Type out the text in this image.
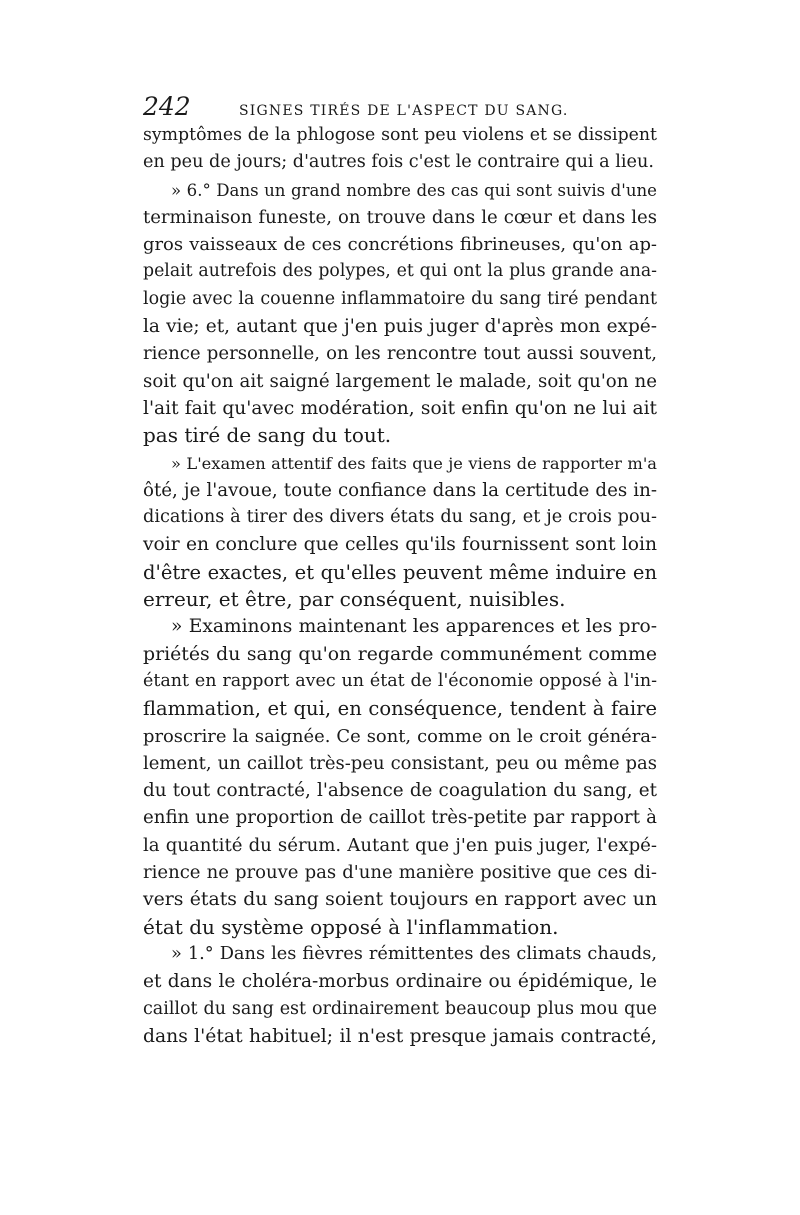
242	SIGNES TIRÉS DE L'ASPECT DU SANG.
symptômes de la phlogose sont peu violens et se dissipent
en peu de jours; d'autres fois c'est le contraire qui a lieu.
» 6.° Dans un grand nombre des cas qui sont suivis d'une
terminaison funeste, on trouve dans le cœur et dans les
gros vaisseaux de ces concrétions fibrineuses, qu'on ap-
pelait autrefois des polypes, et qui ont la plus grande ana-
logie avec la couenne inflammatoire du sang tiré pendant
la vie; et, autant que j'en puis juger d'après mon expé-
rience personnelle, on les rencontre tout aussi souvent,
soit qu'on ait saigné largement le malade, soit qu'on ne
l'ait fait qu'avec modération, soit enfin qu'on ne lui ait
pas tiré de sang du tout.
» L'examen attentif des faits que je viens de rapporter m'a
ôté, je l'avoue, toute confiance dans la certitude des in-
dications à tirer des divers états du sang, et je crois pou-
voir en conclure que celles qu'ils fournissent sont loin
d'être exactes, et qu'elles peuvent même induire en
erreur, et être, par conséquent, nuisibles.
» Examinons maintenant les apparences et les pro-
priétés du sang qu'on regarde communément comme
étant en rapport avec un état de l'économie opposé à l'in-
flammation, et qui, en conséquence, tendent à faire
proscrire la saignée. Ce sont, comme on le croit généra-
lement, un caillot très-peu consistant, peu ou même pas
du tout contracté, l'absence de coagulation du sang, et
enfin une proportion de caillot très-petite par rapport à
la quantité du sérum. Autant que j'en puis juger, l'expé-
rience ne prouve pas d'une manière positive que ces di-
vers états du sang soient toujours en rapport avec un
état du système opposé à l'inflammation.
» 1.° Dans les fièvres rémittentes des climats chauds,
et dans le choléra-morbus ordinaire ou épidémique, le
caillot du sang est ordinairement beaucoup plus mou que
dans l'état habituel; il n'est presque jamais contracté,
